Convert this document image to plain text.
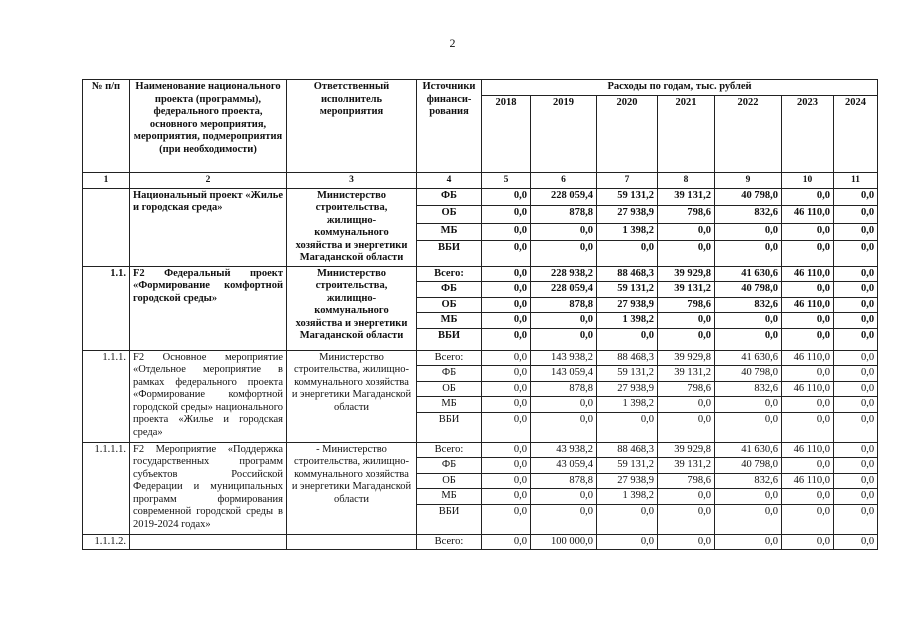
2
№ п/п	Наименование национального проекта (программы), федерального проекта, основного мероприятия, мероприятия, подмероприятия (при необходимости)	Ответственный исполнитель мероприятия	Источники финанси-рования	Расходы по годам, тыс. рублей						
				2018	2019	2020	2021	2022	2023	2024
1	2	3	4	5	6	7	8	9	10	11
	Национальный проект «Жилье и городская среда»	Министерство строительства, жилищно-коммунального хозяйства и энергетики Магаданской области	ФБ	0,0	228 059,4	59 131,2	39 131,2	40 798,0	0,0	0,0
			ОБ	0,0	878,8	27 938,9	798,6	832,6	46 110,0	0,0
			МБ	0,0	0,0	1 398,2	0,0	0,0	0,0	0,0
			ВБИ	0,0	0,0	0,0	0,0	0,0	0,0	0,0
1.1.	F2 Федеральный проект «Формирование комфортной городской среды»	Министерство строительства, жилищно-коммунального хозяйства и энергетики Магаданской области	Всего:	0,0	228 938,2	88 468,3	39 929,8	41 630,6	46 110,0	0,0
			ФБ	0,0	228 059,4	59 131,2	39 131,2	40 798,0	0,0	0,0
			ОБ	0,0	878,8	27 938,9	798,6	832,6	46 110,0	0,0
			МБ	0,0	0,0	1 398,2	0,0	0,0	0,0	0,0
			ВБИ	0,0	0,0	0,0	0,0	0,0	0,0	0,0
1.1.1.	F2 Основное мероприятие «Отдельное мероприятие в рамках федерального проекта «Формирование комфортной городской среды» национального проекта «Жилье и городская среда»	Министерство строительства, жилищно-коммунального хозяйства и энергетики Магаданской области	Всего:	0,0	143 938,2	88 468,3	39 929,8	41 630,6	46 110,0	0,0
			ФБ	0,0	143 059,4	59 131,2	39 131,2	40 798,0	0,0	0,0
			ОБ	0,0	878,8	27 938,9	798,6	832,6	46 110,0	0,0
			МБ	0,0	0,0	1 398,2	0,0	0,0	0,0	0,0
			ВБИ	0,0	0,0	0,0	0,0	0,0	0,0	0,0
1.1.1.1.	F2 Мероприятие «Поддержка государственных программ субъектов Российской Федерации и муниципальных программ формирования современной городской среды в 2019-2024 годах»	- Министерство строительства, жилищно-коммунального хозяйства и энергетики Магаданской области	Всего:	0,0	43 938,2	88 468,3	39 929,8	41 630,6	46 110,0	0,0
			ФБ	0,0	43 059,4	59 131,2	39 131,2	40 798,0	0,0	0,0
			ОБ	0,0	878,8	27 938,9	798,6	832,6	46 110,0	0,0
			МБ	0,0	0,0	1 398,2	0,0	0,0	0,0	0,0
			ВБИ	0,0	0,0	0,0	0,0	0,0	0,0	0,0
1.1.1.2.			Всего:	0,0	100 000,0	0,0	0,0	0,0	0,0	0,0
